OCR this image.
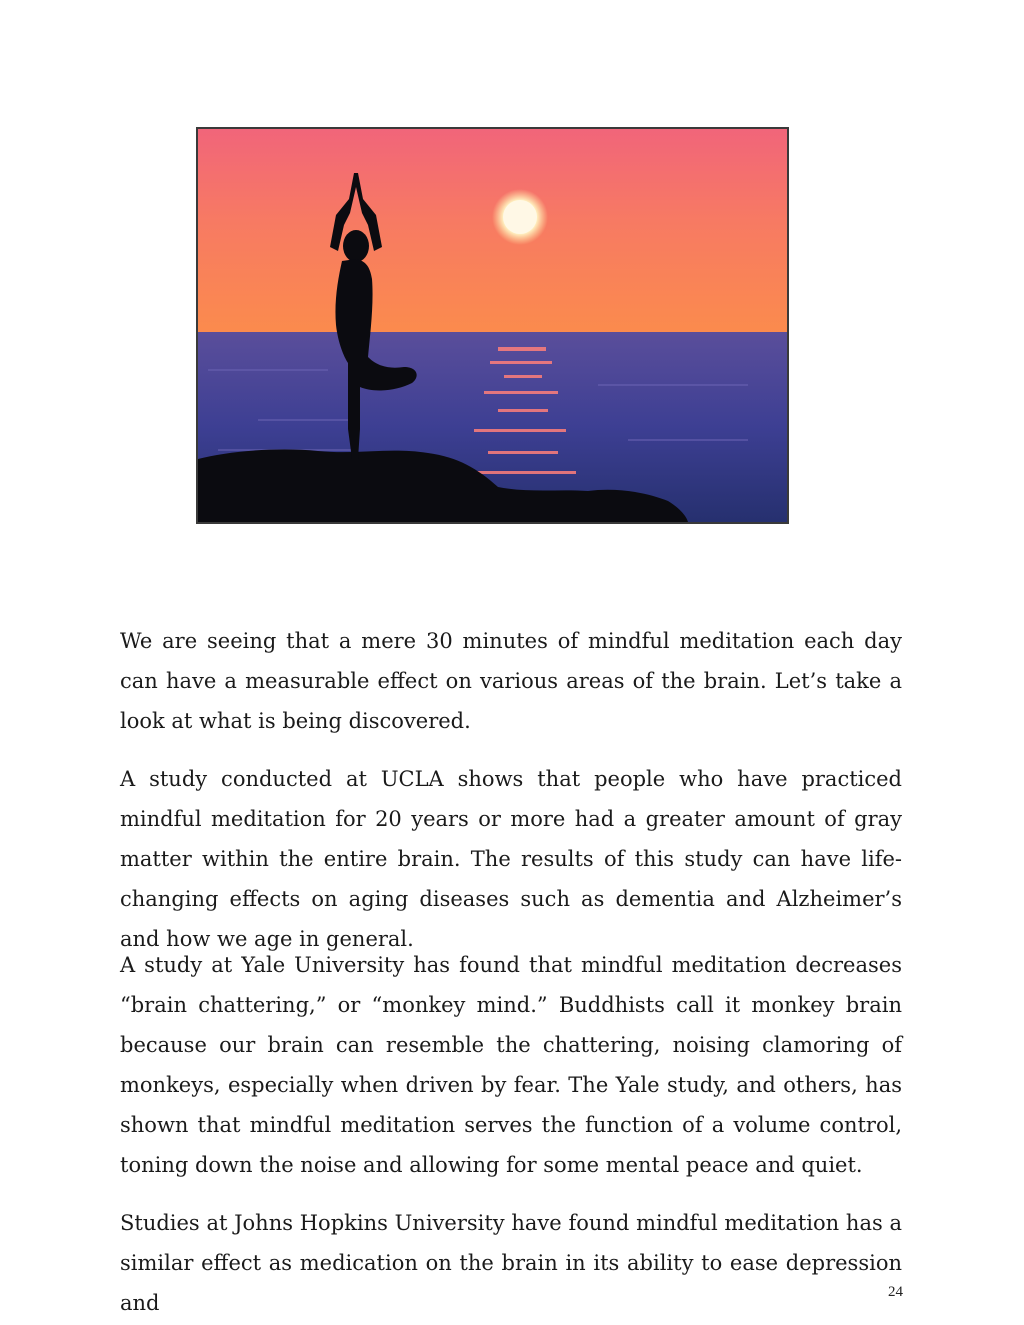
We are seeing that a mere 30 minutes of mindful meditation each day can have a measurable effect on various areas of the brain. Let’s take a look at what is being discovered.

A study conducted at UCLA shows that people who have practiced mindful meditation for 20 years or more had a greater amount of gray matter within the entire brain. The results of this study can have life-changing effects on aging diseases such as dementia and Alzheimer’s and how we age in general.

A study at Yale University has found that mindful meditation decreases “brain chattering,” or “monkey mind.” Buddhists call it monkey brain because our brain can resemble the chattering, noising clamoring of monkeys, especially when driven by fear. The Yale study, and others, has shown that mindful meditation serves the function of a volume control, toning down the noise and allowing for some mental peace and quiet.

Studies at Johns Hopkins University have found mindful meditation has a similar effect as medication on the brain in its ability to ease depression and	24
